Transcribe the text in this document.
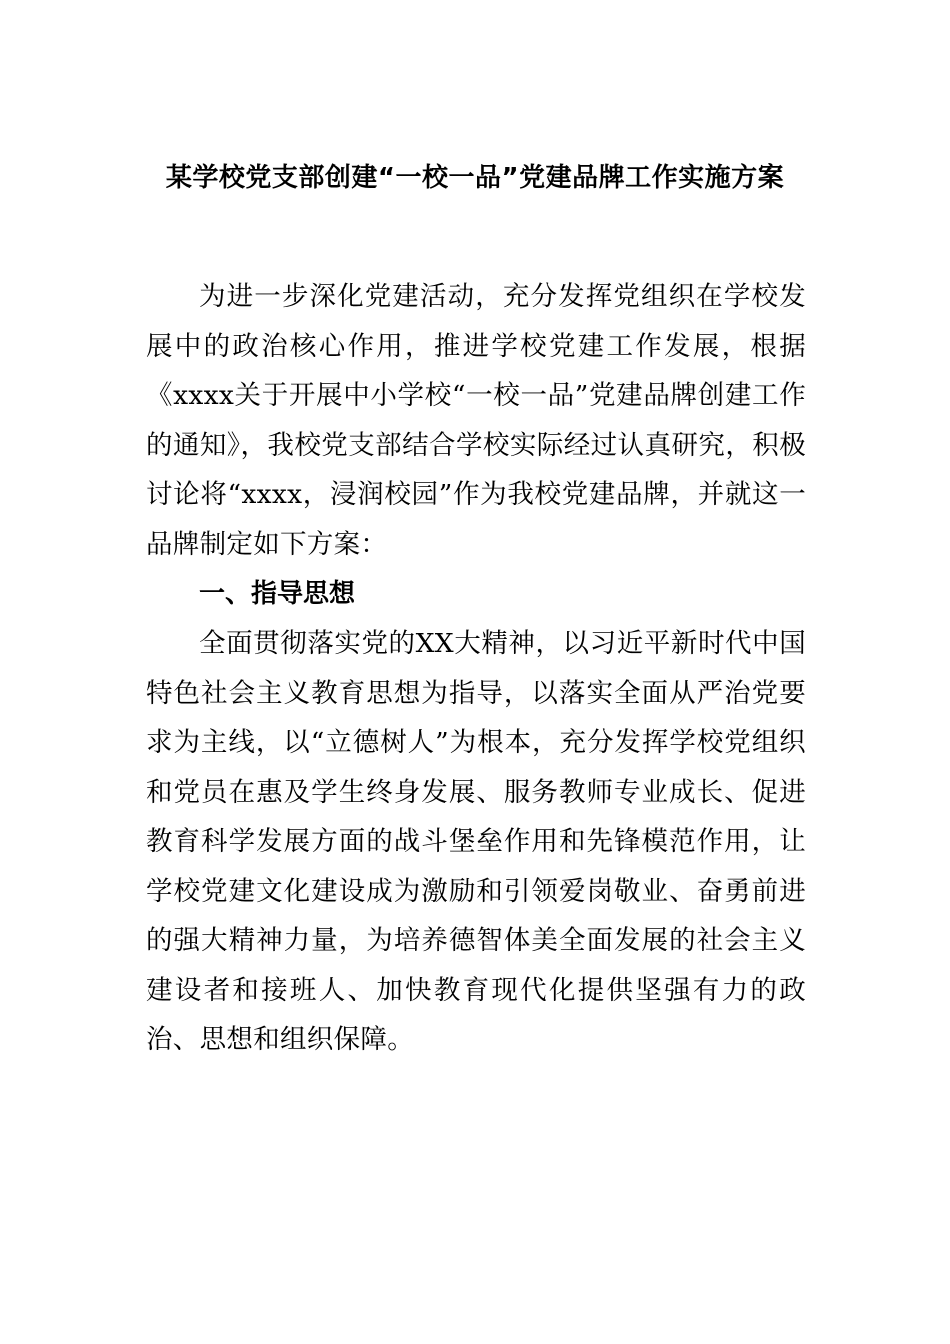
某学校党支部创建“一校一品”党建品牌工作实施方案

为进一步深化党建活动，充分发挥党组织在学校发展中的政治核心作用，推进学校党建工作发展，根据《xxxx关于开展中小学校“一校一品”党建品牌创建工作的通知》，我校党支部结合学校实际经过认真研究，积极讨论将“xxxx，浸润校园”作为我校党建品牌，并就这一品牌制定如下方案：

一、指导思想

全面贯彻落实党的XX大精神，以习近平新时代中国特色社会主义教育思想为指导，以落实全面从严治党要求为主线，以“立德树人”为根本，充分发挥学校党组织和党员在惠及学生终身发展、服务教师专业成长、促进教育科学发展方面的战斗堡垒作用和先锋模范作用，让学校党建文化建设成为激励和引领爱岗敬业、奋勇前进的强大精神力量，为培养德智体美全面发展的社会主义建设者和接班人、加快教育现代化提供坚强有力的政治、思想和组织保障。
